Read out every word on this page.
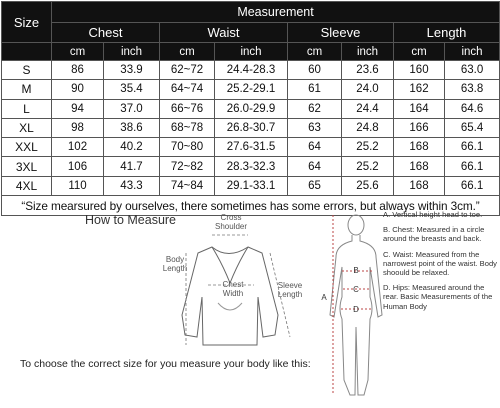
Size	Measurement							
	Chest		Waist		Sleeve		Length	
	cm	inch	cm	inch	cm	inch	cm	inch
S	86	33.9	62~72	24.4-28.3	60	23.6	160	63.0
M	90	35.4	64~74	25.2-29.1	61	24.0	162	63.8
L	94	37.0	66~76	26.0-29.9	62	24.4	164	64.6
XL	98	38.6	68~78	26.8-30.7	63	24.8	166	65.4
XXL	102	40.2	70~80	27.6-31.5	64	25.2	168	66.1
3XL	106	41.7	72~82	28.3-32.3	64	25.2	168	66.1
4XL	110	43.3	74~84	29.1-33.1	65	25.6	168	66.1
“Size mearsured by ourselves, there sometimes has some errors, but always within 3cm.”								
How to Measure	Cross
Shoulder
Body
Length
Chest
Width
Sleeve
Length
B
C
A
D
To choose the correct size for you measure your body like this:

A. Vertical height head to toe.

B. Chest: Measured in a circle around the breasts and back.

C. Waist: Measured from the narrowest point of the waist. Body shoould be relaxed.

D. Hips: Measured around the rear. Basic Measurements of the Human Body
